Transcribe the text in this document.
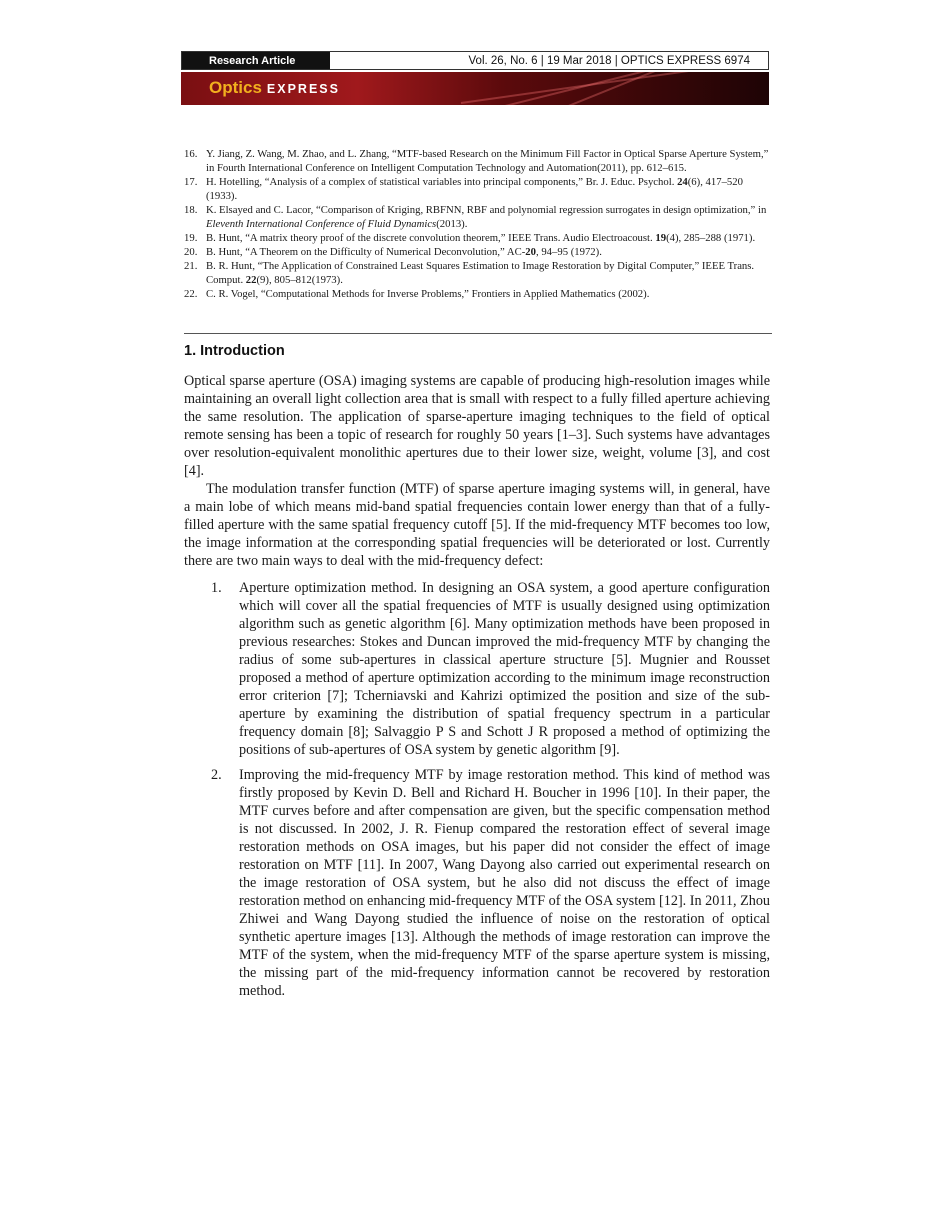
Research Article	Vol. 26, No. 6 | 19 Mar 2018 | OPTICS EXPRESS 6974
Optics EXPRESS
16. Y. Jiang, Z. Wang, M. Zhao, and L. Zhang, “MTF-based Research on the Minimum Fill Factor in Optical Sparse Aperture System,” in Fourth International Conference on Intelligent Computation Technology and Automation(2011), pp. 612–615.
17. H. Hotelling, “Analysis of a complex of statistical variables into principal components,” Br. J. Educ. Psychol. 24(6), 417–520 (1933).
18. K. Elsayed and C. Lacor, “Comparison of Kriging, RBFNN, RBF and polynomial regression surrogates in design optimization,” in Eleventh International Conference of Fluid Dynamics(2013).
19. B. Hunt, “A matrix theory proof of the discrete convolution theorem,” IEEE Trans. Audio Electroacoust. 19(4), 285–288 (1971).
20. B. Hunt, “A Theorem on the Difficulty of Numerical Deconvolution,” AC-20, 94–95 (1972).
21. B. R. Hunt, “The Application of Constrained Least Squares Estimation to Image Restoration by Digital Computer,” IEEE Trans. Comput. 22(9), 805–812(1973).
22. C. R. Vogel, “Computational Methods for Inverse Problems,” Frontiers in Applied Mathematics (2002).
1. Introduction

Optical sparse aperture (OSA) imaging systems are capable of producing high-resolution images while maintaining an overall light collection area that is small with respect to a fully filled aperture achieving the same resolution. The application of sparse-aperture imaging techniques to the field of optical remote sensing has been a topic of research for roughly 50 years [1–3]. Such systems have advantages over resolution-equivalent monolithic apertures due to their lower size, weight, volume [3], and cost [4].

The modulation transfer function (MTF) of sparse aperture imaging systems will, in general, have a main lobe of which means mid-band spatial frequencies contain lower energy than that of a fully-filled aperture with the same spatial frequency cutoff [5]. If the mid-frequency MTF becomes too low, the image information at the corresponding spatial frequencies will be deteriorated or lost. Currently there are two main ways to deal with the mid-frequency defect:

1. Aperture optimization method. In designing an OSA system, a good aperture configuration which will cover all the spatial frequencies of MTF is usually designed using optimization algorithm such as genetic algorithm [6]. Many optimization methods have been proposed in previous researches: Stokes and Duncan improved the mid-frequency MTF by changing the radius of some sub-apertures in classical aperture structure [5]. Mugnier and Rousset proposed a method of aperture optimization according to the minimum image reconstruction error criterion [7]; Tcherniavski and Kahrizi optimized the position and size of the sub-aperture by examining the distribution of spatial frequency spectrum in a particular frequency domain [8]; Salvaggio P S and Schott J R proposed a method of optimizing the positions of sub-apertures of OSA system by genetic algorithm [9].
2. Improving the mid-frequency MTF by image restoration method. This kind of method was firstly proposed by Kevin D. Bell and Richard H. Boucher in 1996 [10]. In their paper, the MTF curves before and after compensation are given, but the specific compensation method is not discussed. In 2002, J. R. Fienup compared the restoration effect of several image restoration methods on OSA images, but his paper did not consider the effect of image restoration on MTF [11]. In 2007, Wang Dayong also carried out experimental research on the image restoration of OSA system, but he also did not discuss the effect of image restoration method on enhancing mid-frequency MTF of the OSA system [12]. In 2011, Zhou Zhiwei and Wang Dayong studied the influence of noise on the restoration of optical synthetic aperture images [13]. Although the methods of image restoration can improve the MTF of the system, when the mid-frequency MTF of the sparse aperture system is missing, the missing part of the mid-frequency information cannot be recovered by restoration method.
